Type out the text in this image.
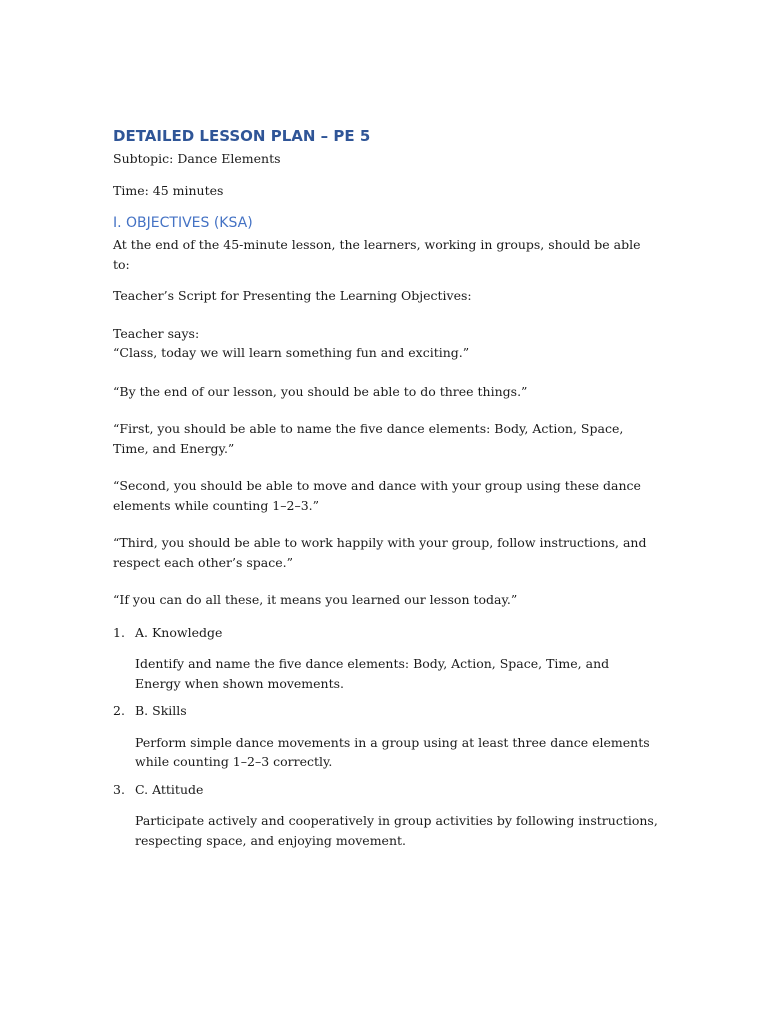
DETAILED LESSON PLAN – PE 5

Subtopic: Dance Elements

Time: 45 minutes

I. OBJECTIVES (KSA)

At the end of the 45-minute lesson, the learners, working in groups, should be able to:

Teacher’s Script for Presenting the Learning Objectives:

Teacher says:

“Class, today we will learn something fun and exciting.”

“By the end of our lesson, you should be able to do three things.”

“First, you should be able to name the five dance elements: Body, Action, Space, Time, and Energy.”

“Second, you should be able to move and dance with your group using these dance elements while counting 1–2–3.”

“Third, you should be able to work happily with your group, follow instructions, and respect each other’s space.”

“If you can do all these, it means you learned our lesson today.”

1. A. Knowledge

Identify and name the five dance elements: Body, Action, Space, Time, and Energy when shown movements.

2. B. Skills

Perform simple dance movements in a group using at least three dance elements while counting 1–2–3 correctly.

3. C. Attitude

Participate actively and cooperatively in group activities by following instructions, respecting space, and enjoying movement.
